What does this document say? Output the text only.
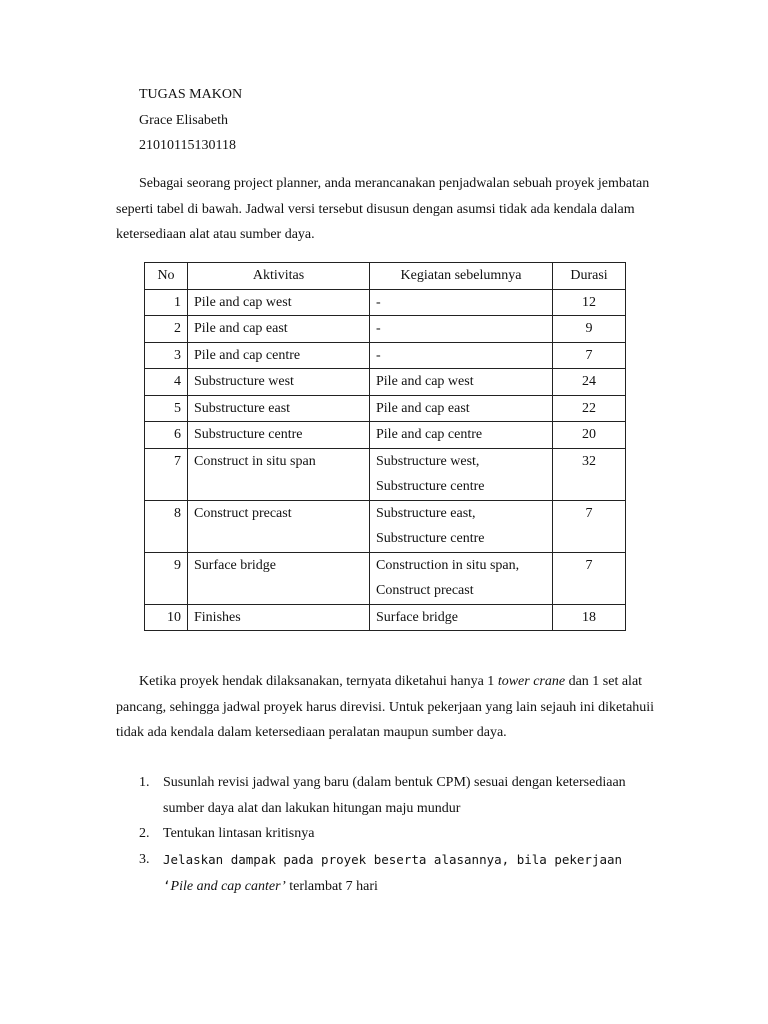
TUGAS MAKON
Grace Elisabeth
21010115130118
Sebagai seorang project planner, anda merancanakan penjadwalan sebuah proyek jembatan seperti tabel di bawah. Jadwal versi tersebut disusun dengan asumsi tidak ada kendala dalam ketersediaan alat atau sumber daya.
No	Aktivitas	Kegiatan sebelumnya	Durasi
1	Pile and cap west	-	12
2	Pile and cap east	-	9
3	Pile and cap centre	-	7
4	Substructure west	Pile and cap west	24
5	Substructure east	Pile and cap east	22
6	Substructure centre	Pile and cap centre	20
7	Construct in situ span	Substructure west,
Substructure centre	32
8	Construct precast	Substructure east,
Substructure centre	7
9	Surface bridge	Construction in situ span,
Construct precast	7
10	Finishes	Surface bridge	18
Ketika proyek hendak dilaksanakan, ternyata diketahui hanya 1 tower crane dan 1 set alat pancang, sehingga jadwal proyek harus direvisi. Untuk pekerjaan yang lain sejauh ini diketahuii tidak ada kendala dalam ketersediaan peralatan maupun sumber daya.
1. Susunlah revisi jadwal yang baru (dalam bentuk CPM) sesuai dengan ketersediaan sumber daya alat dan lakukan hitungan maju mundur
2. Tentukan lintasan kritisnya
3.	Jelaskan dampak pada proyek beserta alasannya, bila pekerjaan ‘Pile and cap canter’ terlambat 7 hari
